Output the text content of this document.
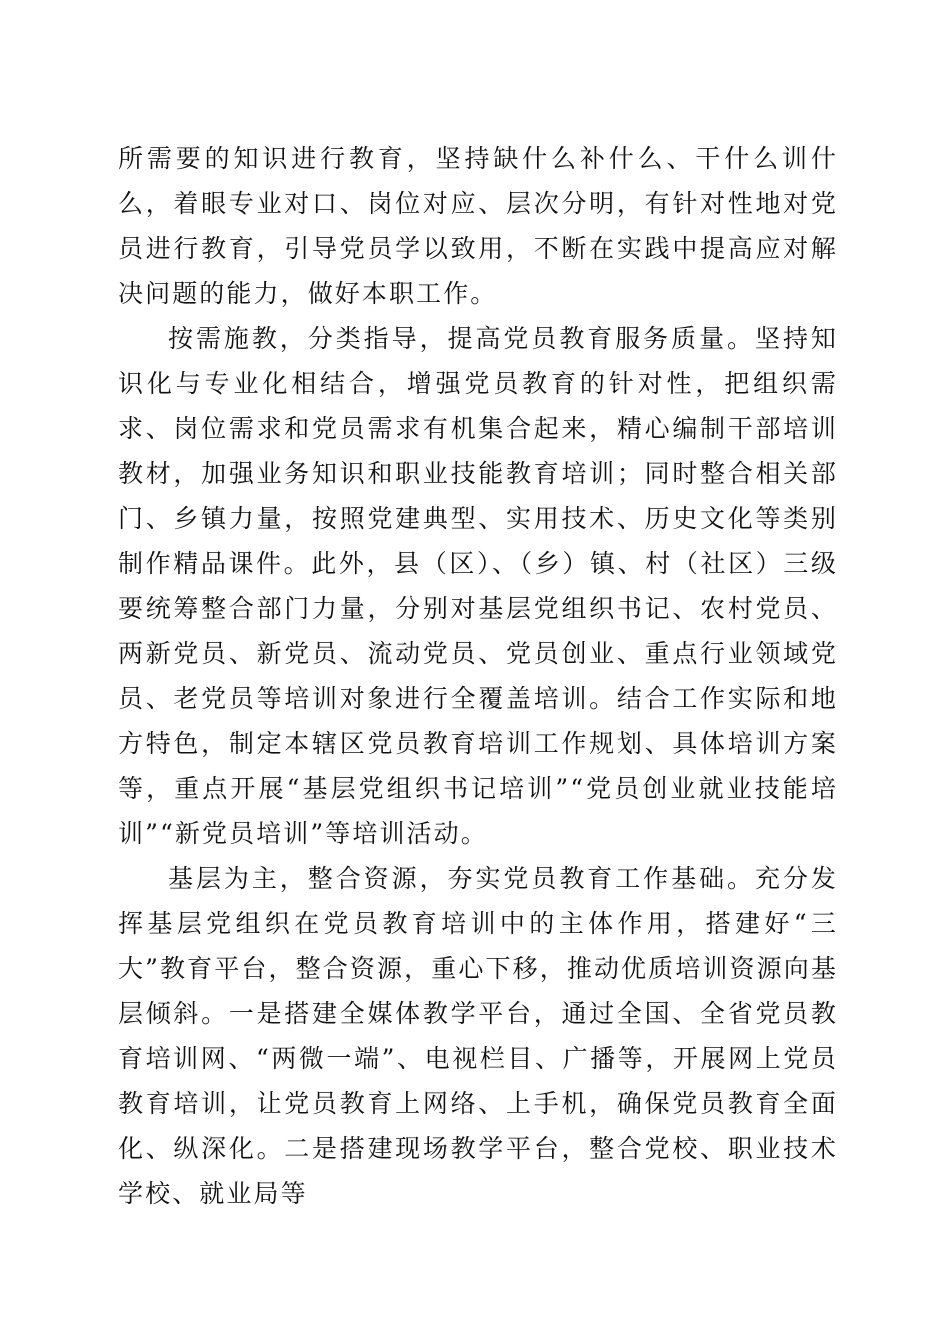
所需要的知识进行教育，坚持缺什么补什么、干什么训什么，着眼专业对口、岗位对应、层次分明，有针对性地对党员进行教育，引导党员学以致用，不断在实践中提高应对解决问题的能力，做好本职工作。

按需施教，分类指导，提高党员教育服务质量。坚持知识化与专业化相结合，增强党员教育的针对性，把组织需求、岗位需求和党员需求有机集合起来，精心编制干部培训教材，加强业务知识和职业技能教育培训；同时整合相关部门、乡镇力量，按照党建典型、实用技术、历史文化等类别制作精品课件。此外，县（区）、（乡）镇、村（社区）三级要统筹整合部门力量，分别对基层党组织书记、农村党员、两新党员、新党员、流动党员、党员创业、重点行业领域党员、老党员等培训对象进行全覆盖培训。结合工作实际和地方特色，制定本辖区党员教育培训工作规划、具体培训方案等，重点开展“基层党组织书记培训”“党员创业就业技能培训”“新党员培训”等培训活动。

基层为主，整合资源，夯实党员教育工作基础。充分发挥基层党组织在党员教育培训中的主体作用，搭建好“三大”教育平台，整合资源，重心下移，推动优质培训资源向基层倾斜。一是搭建全媒体教学平台，通过全国、全省党员教育培训网、“两微一端”、电视栏目、广播等，开展网上党员教育培训，让党员教育上网络、上手机，确保党员教育全面化、纵深化。二是搭建现场教学平台，整合党校、职业技术学校、就业局等
